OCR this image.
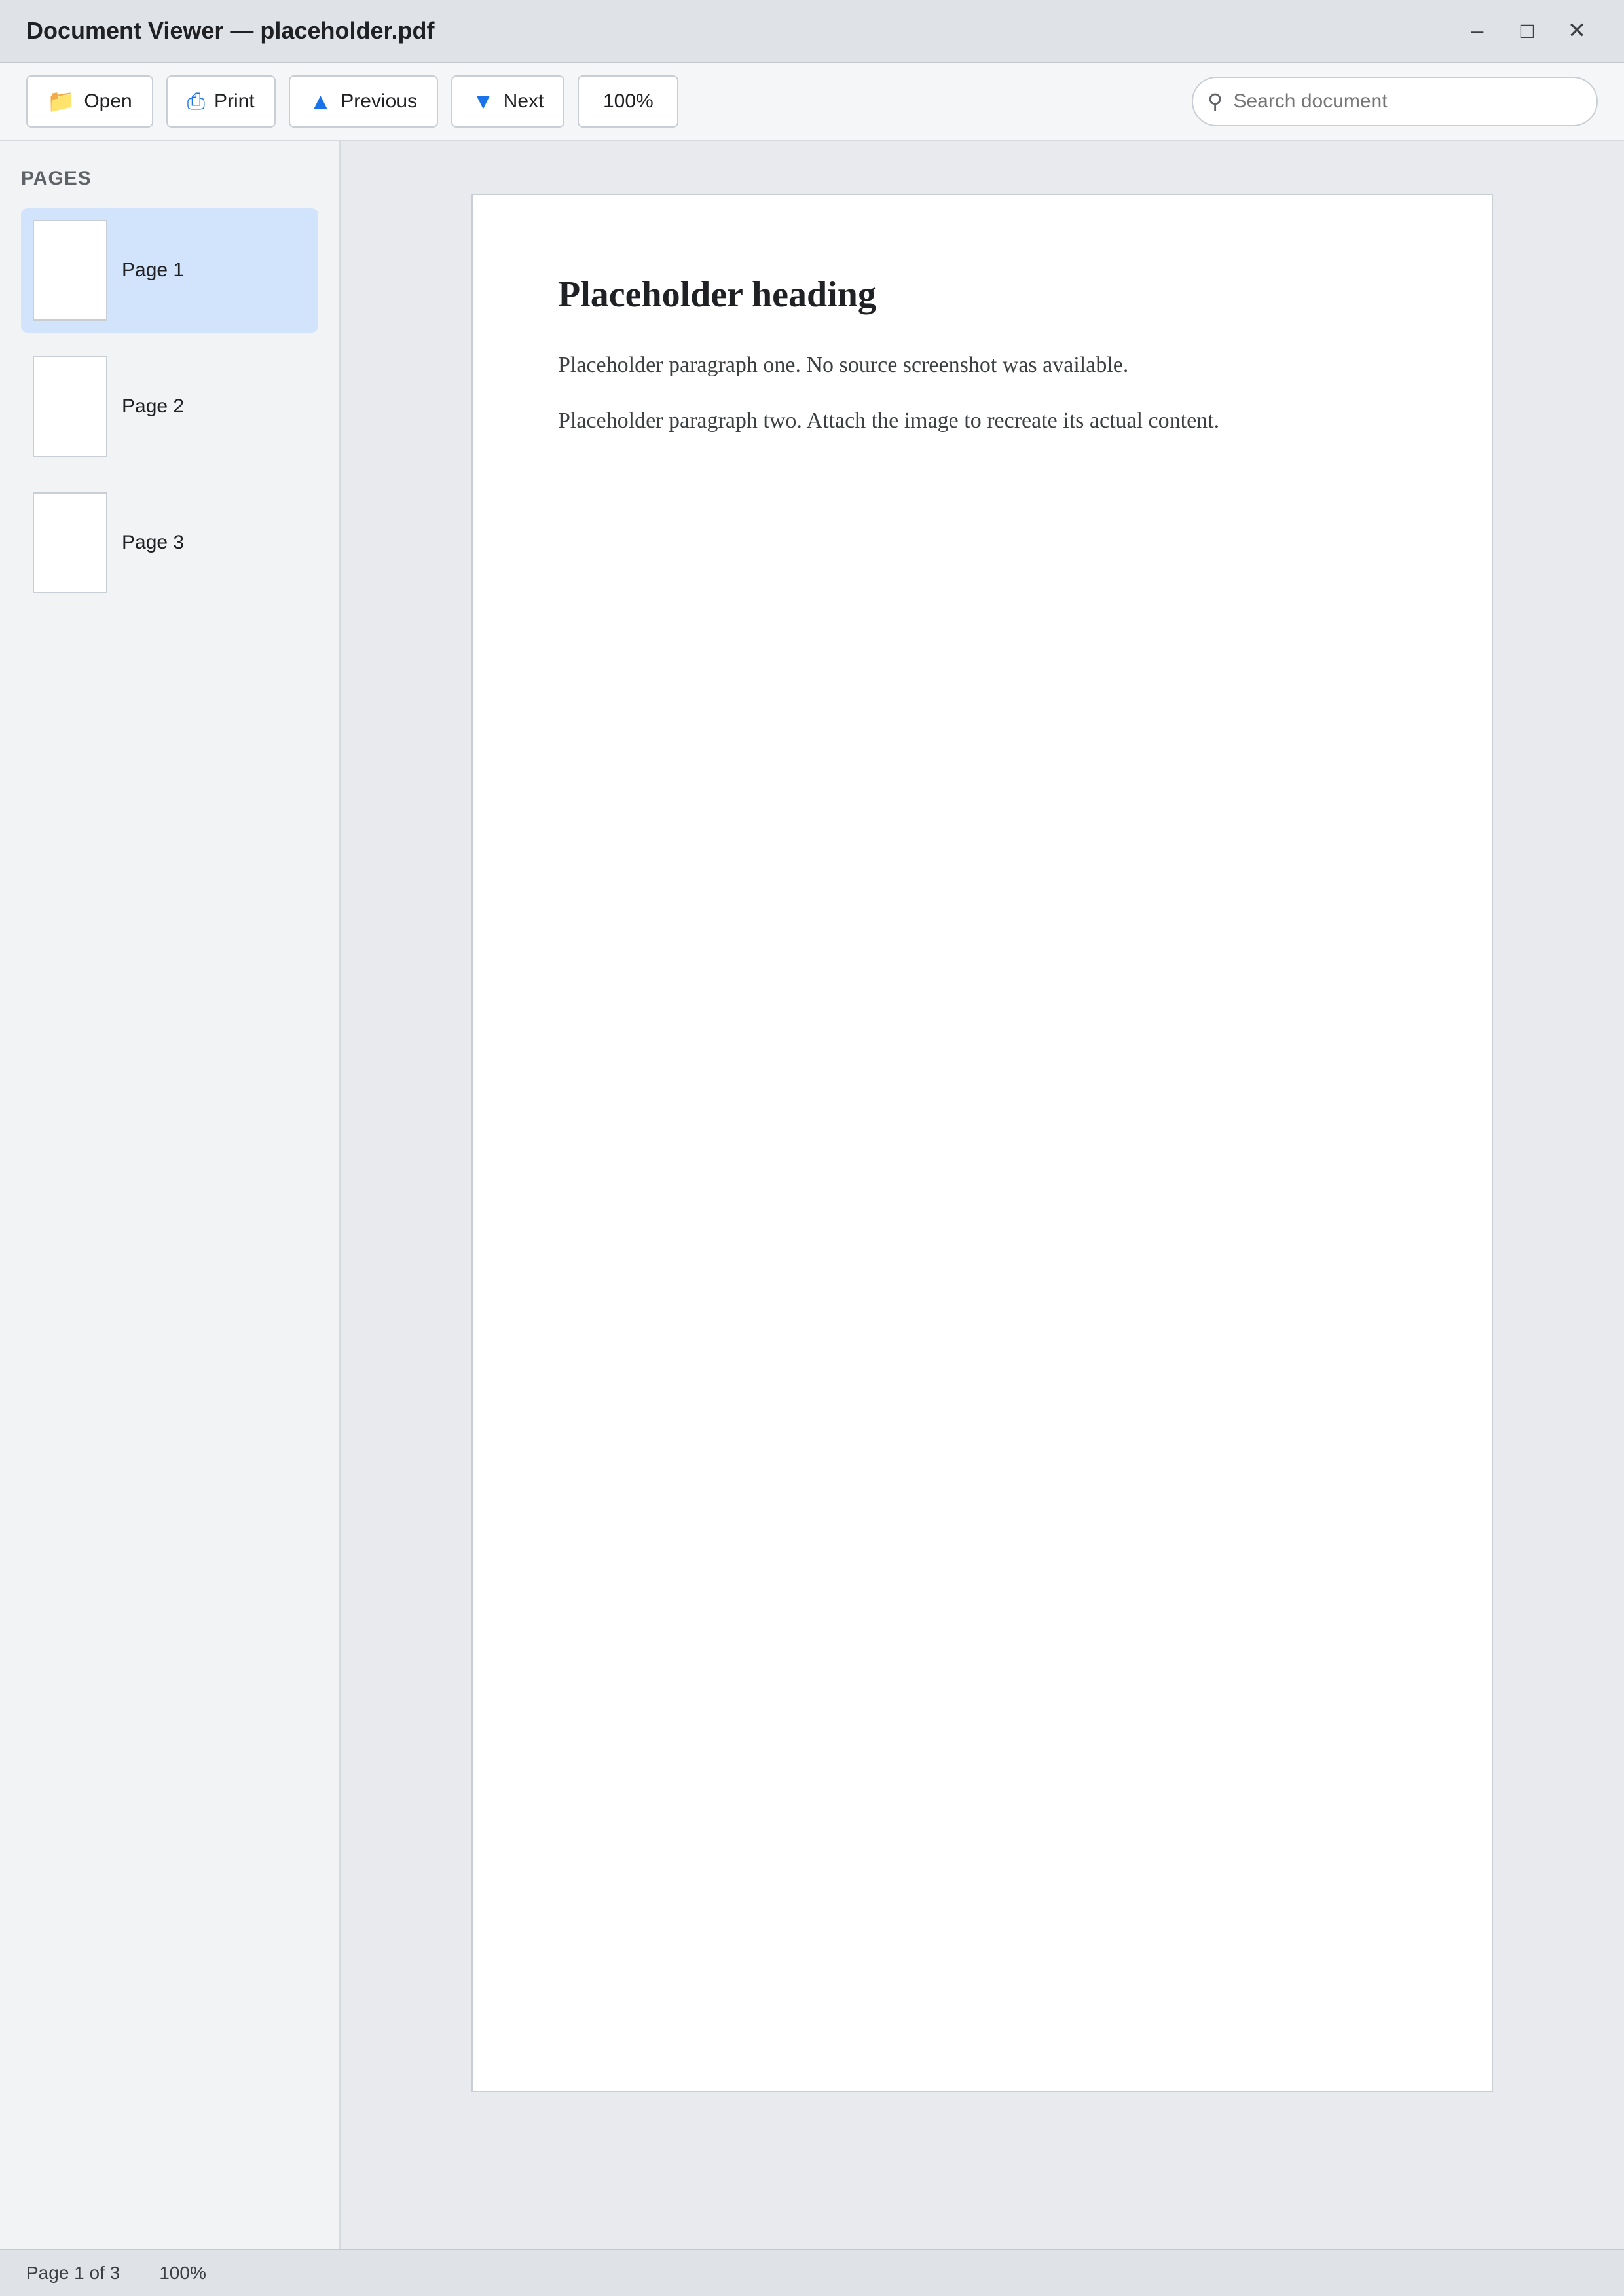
Document Viewer — placeholder.pdf	–	□	✕
📁 Open ⎙ Print ▲ Previous ▼ Next	100%	⚲
Search document
PAGES
Page 1
Page 2
Page 3
Placeholder heading

Placeholder paragraph one. No source screenshot was available.

Placeholder paragraph two. Attach the image to recreate its actual content.

Page 1 of 3 100%
